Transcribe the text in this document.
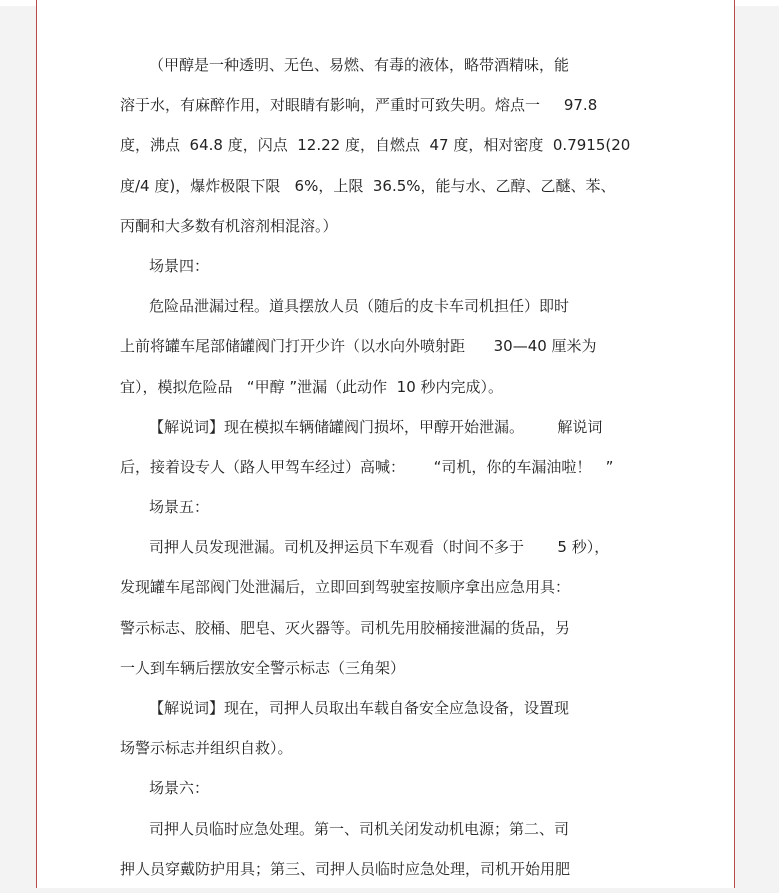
（甲醇是一种透明、无色、易燃、有毒的液体，略带酒精味，能
溶于水，有麻醉作用，对眼睛有影响，严重时可致失明。熔点一     97.8
度，沸点  64.8 度，闪点  12.22 度，自燃点  47 度，相对密度  0.7915(20
度/4 度)，爆炸极限下限   6%，上限  36.5%，能与水、乙醇、乙醚、苯、
丙酮和大多数有机溶剂相混溶。）
场景四：
危险品泄漏过程。道具摆放人员（随后的皮卡车司机担任）即时
上前将罐车尾部储罐阀门打开少许（以水向外喷射距      30—40 厘米为
宜），模拟危险品   “甲醇 ”泄漏（此动作  10 秒内完成）。
【解说词】现在模拟车辆储罐阀门损坏，甲醇开始泄漏。       解说词
后，接着设专人（路人甲驾车经过）高喊：      “司机，你的车漏油啦！   ”
场景五：
司押人员发现泄漏。司机及押运员下车观看（时间不多于       5 秒），
发现罐车尾部阀门处泄漏后，立即回到驾驶室按顺序拿出应急用具：
警示标志、胶桶、肥皂、灭火器等。司机先用胶桶接泄漏的货品，另
一人到车辆后摆放安全警示标志（三角架）
【解说词】现在，司押人员取出车载自备安全应急设备，设置现
场警示标志并组织自救）。
场景六：
司押人员临时应急处理。第一、司机关闭发动机电源；第二、司
押人员穿戴防护用具；第三、司押人员临时应急处理，司机开始用肥
